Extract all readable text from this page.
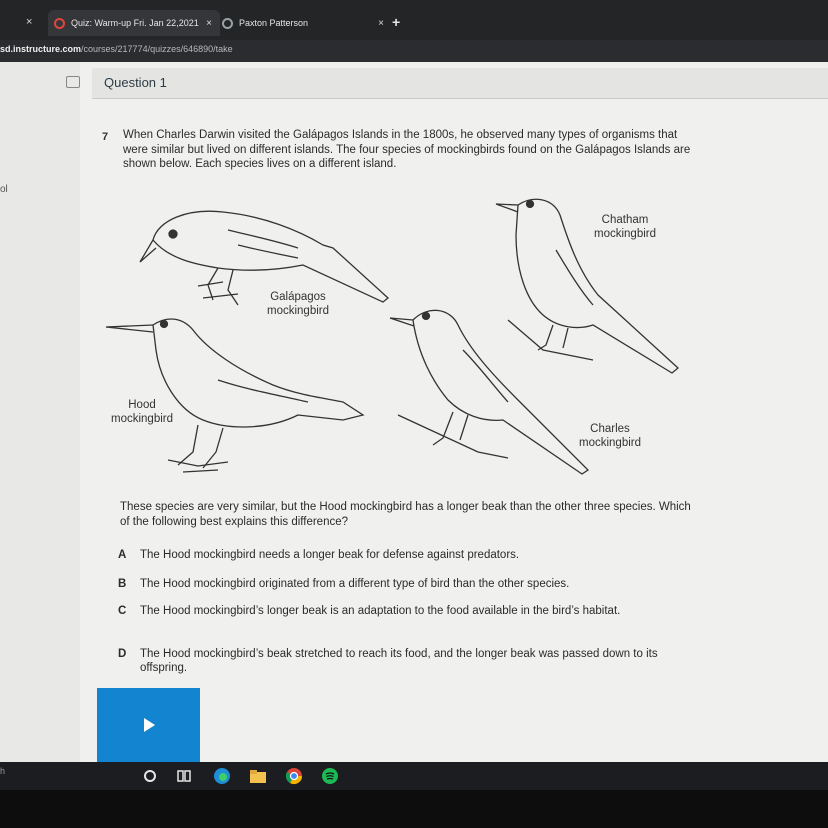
×	Quiz: Warm-up Fri. Jan 22,2021 ×	Paxton Patterson	× +
sd.instructure.com/courses/217774/quizzes/646890/take
ol
Question 1
7 When Charles Darwin visited the Galápagos Islands in the 1800s, he observed many types of organisms that were similar but lived on different islands. The four species of mockingbirds found on the Galápagos Islands are shown below. Each species lives on a different island.
Galápagos
mockingbird
Chatham
mockingbird
Hood
mockingbird
Charles
mockingbird
These species are very similar, but the Hood mockingbird has a longer beak than the other three species. Which of the following best explains this difference?
A	The Hood mockingbird needs a longer beak for defense against predators.
B	The Hood mockingbird originated from a different type of bird than the other species.
C	The Hood mockingbird’s longer beak is an adaptation to the food available in the bird’s habitat.
D	The Hood mockingbird’s beak stretched to reach its food, and the longer beak was passed down to its offspring.
h
